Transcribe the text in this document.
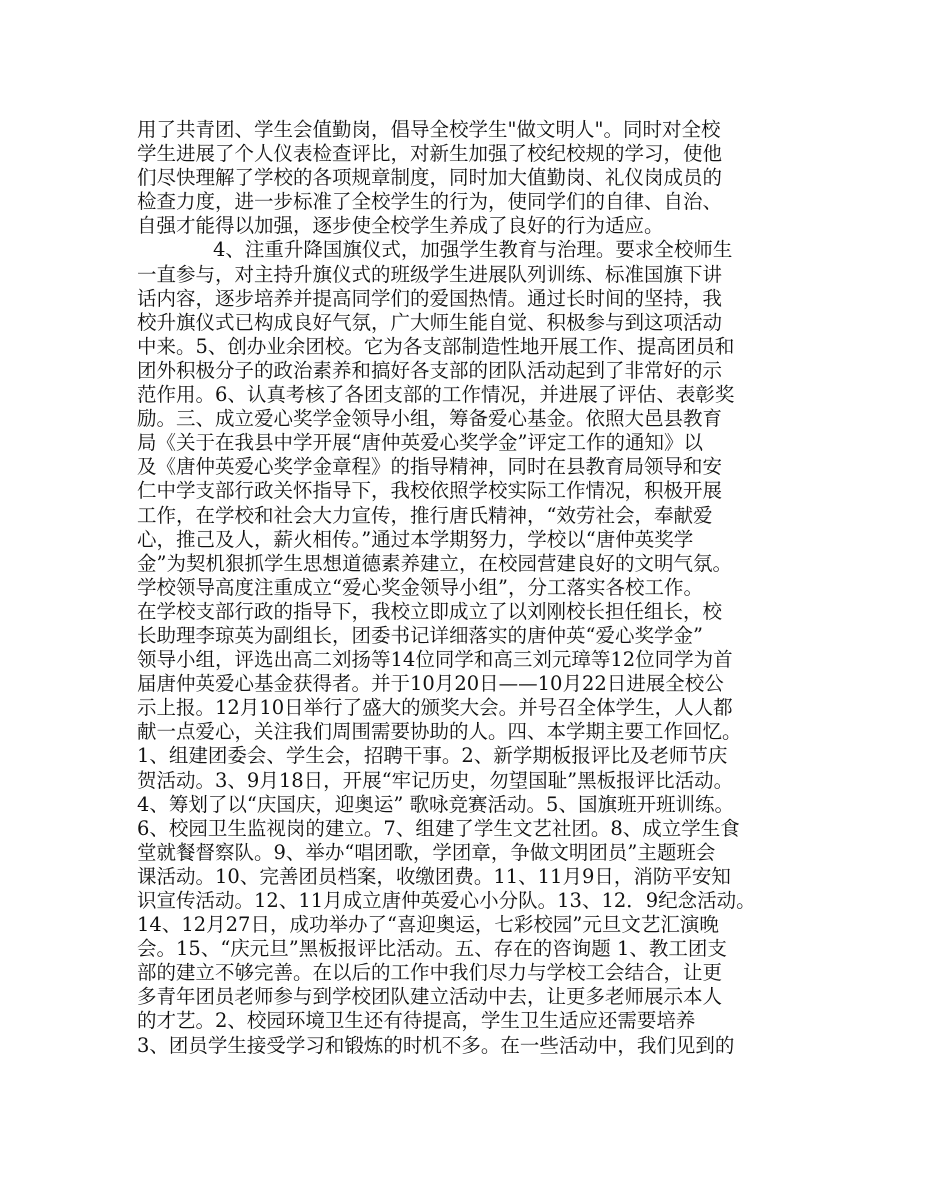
用了共青团、学生会值勤岗，倡导全校学生"做文明人"。同时对全校
学生进展了个人仪表检查评比，对新生加强了校纪校规的学习，使他
们尽快理解了学校的各项规章制度，同时加大值勤岗、礼仪岗成员的
检查力度，进一步标准了全校学生的行为，使同学们的自律、自治、
自强才能得以加强，逐步使全校学生养成了良好的行为适应。
4、注重升降国旗仪式，加强学生教育与治理。要求全校师生
一直参与，对主持升旗仪式的班级学生进展队列训练、标准国旗下讲
话内容，逐步培养并提高同学们的爱国热情。通过长时间的坚持，我
校升旗仪式已构成良好气氛，广大师生能自觉、积极参与到这项活动
中来。5、创办业余团校。它为各支部制造性地开展工作、提高团员和
团外积极分子的政治素养和搞好各支部的团队活动起到了非常好的示
范作用。6、认真考核了各团支部的工作情况，并进展了评估、表彰奖
励。三、成立爱心奖学金领导小组，筹备爱心基金。依照大邑县教育
局《关于在我县中学开展“唐仲英爱心奖学金”评定工作的通知》以
及《唐仲英爱心奖学金章程》的指导精神，同时在县教育局领导和安
仁中学支部行政关怀指导下，我校依照学校实际工作情况，积极开展
工作，在学校和社会大力宣传，推行唐氏精神，“效劳社会，奉献爱
心，推己及人，薪火相传。”通过本学期努力，学校以“唐仲英奖学
金”为契机狠抓学生思想道德素养建立，在校园营建良好的文明气氛。
学校领导高度注重成立“爱心奖金领导小组”，分工落实各校工作。
在学校支部行政的指导下，我校立即成立了以刘刚校长担任组长，校
长助理李琼英为副组长，团委书记详细落实的唐仲英“爱心奖学金”
领导小组，评选出高二刘扬等14位同学和高三刘元璋等12位同学为首
届唐仲英爱心基金获得者。并于10月20日——10月22日进展全校公
示上报。12月10日举行了盛大的颁奖大会。并号召全体学生，人人都
献一点爱心，关注我们周围需要协助的人。四、本学期主要工作回忆。
1、组建团委会、学生会，招聘干事。2、新学期板报评比及老师节庆
贺活动。3、9月18日，开展“牢记历史，勿望国耻”黑板报评比活动。
4、筹划了以“庆国庆，迎奥运” 歌咏竞赛活动。5、国旗班开班训练。
6、校园卫生监视岗的建立。7、组建了学生文艺社团。8、成立学生食
堂就餐督察队。9、举办“唱团歌，学团章，争做文明团员”主题班会
课活动。10、完善团员档案，收缴团费。11、11月9日，消防平安知
识宣传活动。12、11月成立唐仲英爱心小分队。13、12．9纪念活动。
14、12月27日，成功举办了“喜迎奥运，七彩校园”元旦文艺汇演晚
会。15、“庆元旦”黑板报评比活动。五、存在的咨询题 1、教工团支
部的建立不够完善。在以后的工作中我们尽力与学校工会结合，让更
多青年团员老师参与到学校团队建立活动中去，让更多老师展示本人
的才艺。2、校园环境卫生还有待提高，学生卫生适应还需要培养
3、团员学生接受学习和锻炼的时机不多。在一些活动中，我们见到的
